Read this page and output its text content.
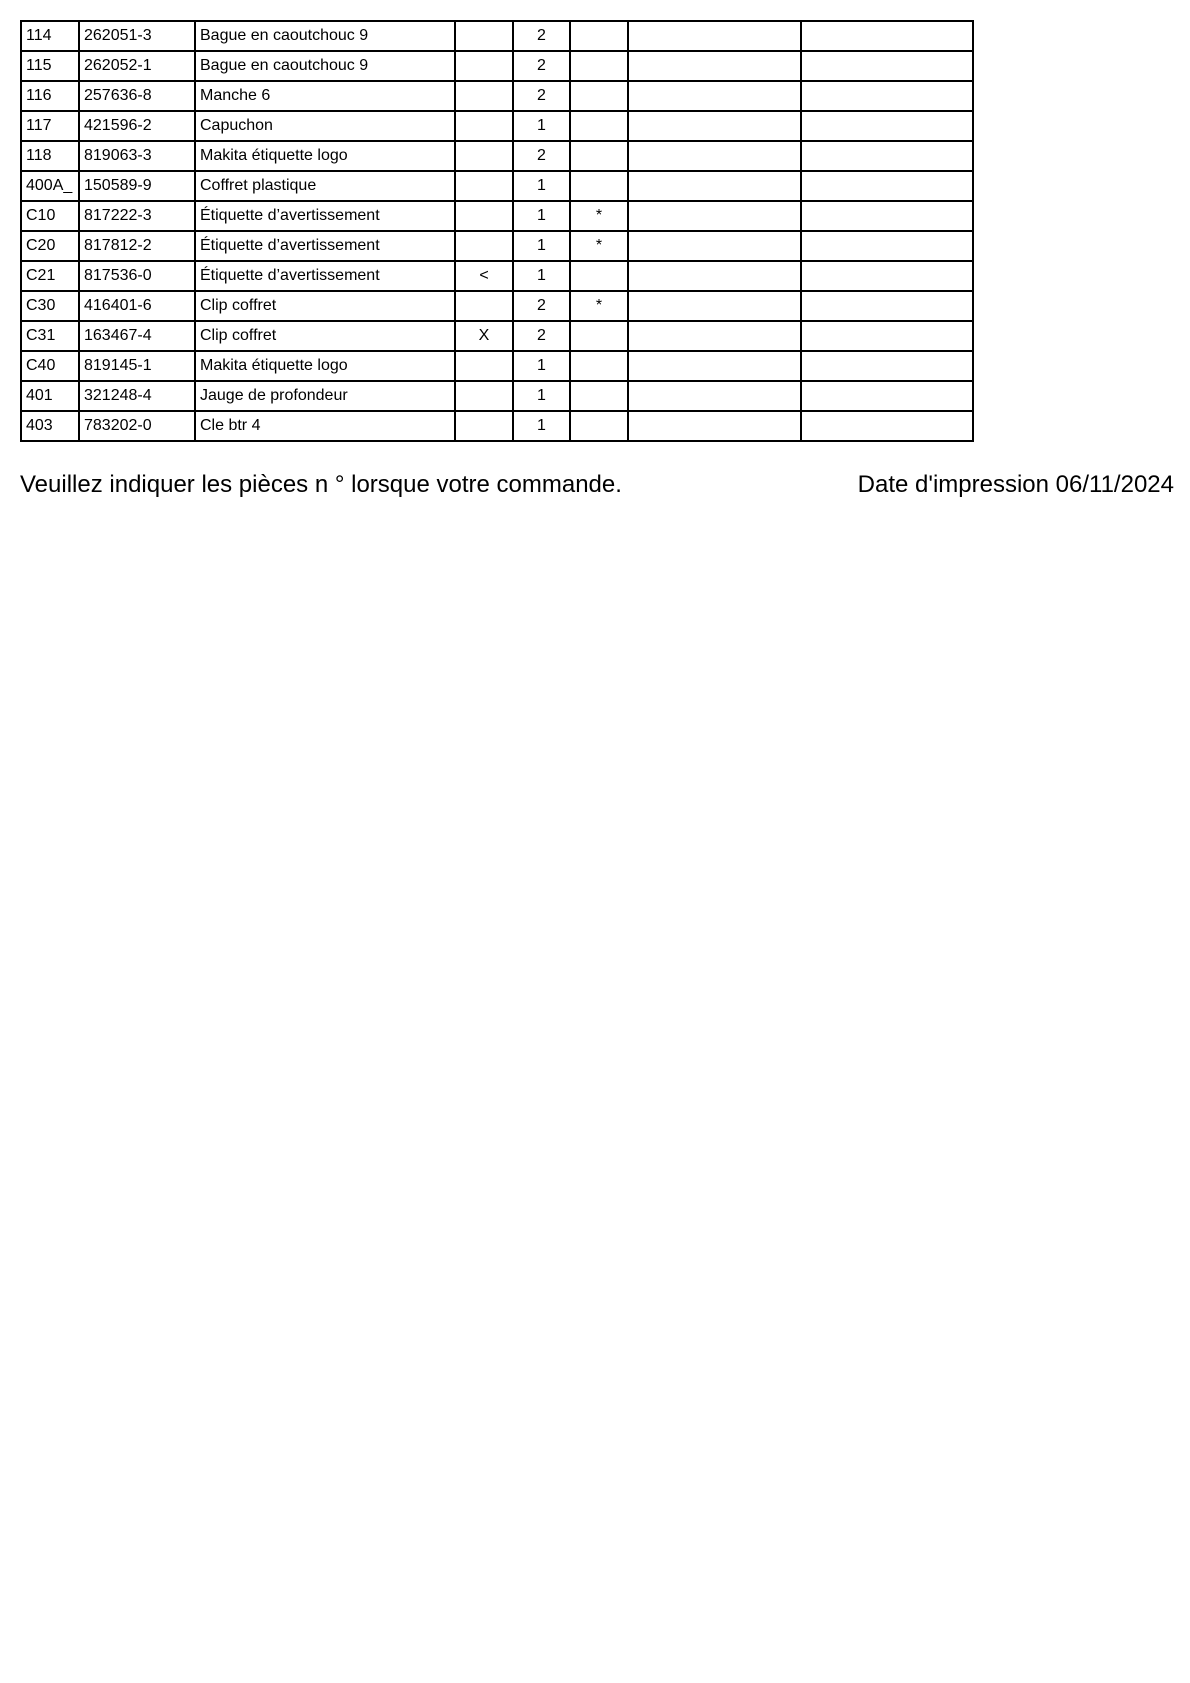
114	262051-3	Bague en caoutchouc 9		2			
115	262052-1	Bague en caoutchouc 9		2			
116	257636-8	Manche 6		2			
117	421596-2	Capuchon		1			
118	819063-3	Makita étiquette logo		2			
400A_	150589-9	Coffret plastique		1			
C10	817222-3	Étiquette d’avertissement		1	*		
C20	817812-2	Étiquette d’avertissement		1	*		
C21	817536-0	Étiquette d’avertissement	<	1			
C30	416401-6	Clip coffret		2	*		
C31	163467-4	Clip coffret	X	2			
C40	819145-1	Makita étiquette logo		1			
401	321248-4	Jauge de profondeur		1			
403	783202-0	Cle btr 4		1			
Veuillez indiquer les pièces n ° lorsque votre commande.	Date d'impression 06/11/2024
